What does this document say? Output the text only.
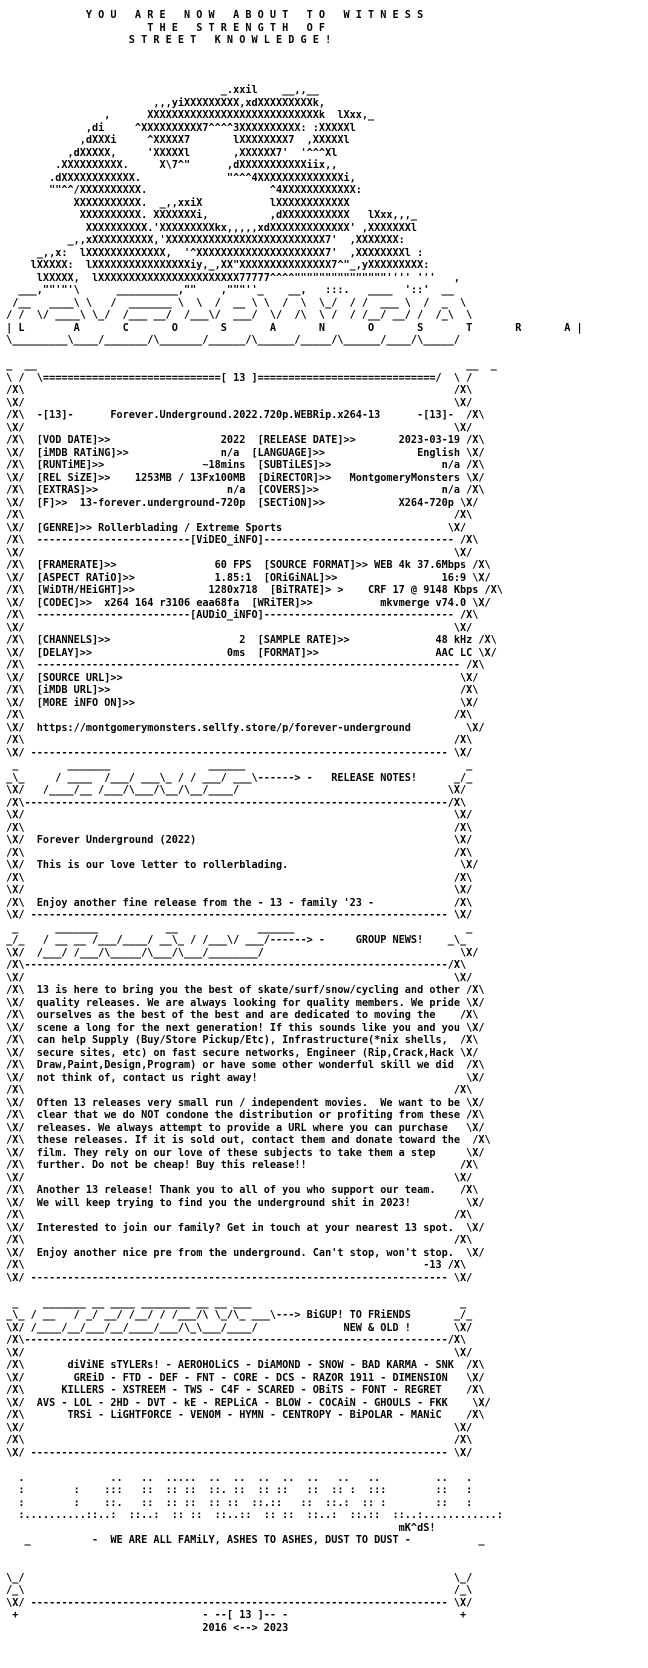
Y O U   A R E   N O W   A B O U T   T O   W I T N E S S
T H E   S T R E N G T H   O F
S T R E E T   K N O W L E D G E !

_.xxil    __,,__
,,,yiXXXXXXXXX,xdXXXXXXXXXk,
,      XXXXXXXXXXXXXXXXXXXXXXXXXXXXk  lXxx,_
,di     ^XXXXXXXXXX7^^^^3XXXXXXXXXX: :XXXXXl
,dXXXi     ^XXXXX7       lXXXXXXXX7  ,XXXXXl
,dXXXXX,     'XXXXXl       ,XXXXXX7'  '^^^Xl
.XXXXXXXXXX.     X\7^"      ,dXXXXXXXXXXXiix,,
.dXXXXXXXXXXXX.              "^^^4XXXXXXXXXXXXXXi,
""^^/XXXXXXXXXX.                    ^4XXXXXXXXXXXX:
XXXXXXXXXXX.  _,,xxiX           lXXXXXXXXXXXX
XXXXXXXXXX. XXXXXXXi,          ,dXXXXXXXXXXX   lXxx,,,_
XXXXXXXXXX.'XXXXXXXXXkx,,,,,xdXXXXXXXXXXXXX' ,XXXXXXXl
_,,xXXXXXXXXXX,'XXXXXXXXXXXXXXXXXXXXXXXXXX7'  ,XXXXXXX:
_,,x:  lXXXXXXXXXXXXX,  '^XXXXXXXXXXXXXXXXXXXXX7'  ,XXXXXXXXl :
lXXXXX:  lXXXXXXXXXXXXXXXXiy,_,XX"XXXXXXXXXXXXXXX7^"_,yXXXXXXXXX:
lXXXXX,  lXXXXXXXXXXXXXXXXXXXXXXX77777^^^^"""""""""""""""'''' '''   ,
___,""'"'\      __________,""    ,"""''_    __,   :::.   ____  '::'  __
/__   ____\ \   /  _______ \  \  /  __ \ \  /  \  \_/  / /  ___ \  /  _  \
/ /  \/ ____\ \_/  /___ __/  /___\/  ___/  \/  /\  \ /  / /__/ __/ /  /_\  \
| L        A       C       O       S       A       N       O       S       T       R       A |
\_________\____/_______/\_______/______/\______/_____/\______/____/\_____/

_  __                                                                      __  _
\ /  \=============================[ 13 ]=============================/  \ /
/X\                                                                      /X\
\X/                                                                      \X/
/X\  -[13]-      Forever.Underground.2022.720p.WEBRip.x264-13      -[13]-  /X\
\X/                                                                      \X/
/X\  [VOD DATE]>>                  2022  [RELEASE DATE]>>       2023-03-19 /X\
\X/  [iMDB RATiNG]>>               n/a  [LANGUAGE]>>               English \X/
/X\  [RUNTiME]>>                ~18mins  [SUBTiLES]>>                  n/a /X\
\X/  [REL SiZE]>>    1253MB / 13Fx100MB  [DiRECTOR]>>   MontgomeryMonsters \X/
/X\  [EXTRAS]>>                     n/a  [COVERS]>>                    n/a /X\
\X/  [F]>>  13-forever.underground-720p  [SECTiON]>>            X264-720p \X/
/X\                                                                      /X\
\X/  [GENRE]>> Rollerblading / Extreme Sports                           \X/
/X\  -------------------------[ViDEO_iNFO]------------------------------- /X\
\X/                                                                      \X/
/X\  [FRAMERATE]>>                60 FPS  [SOURCE FORMAT]>> WEB 4k 37.6Mbps /X\
\X/  [ASPECT RATiO]>>             1.85:1  [ORiGiNAL]>>                 16:9 \X/
/X\  [WiDTH/HEiGHT]>>            1280x718  [BiTRATE]> >    CRF 17 @ 9148 Kbps /X\
\X/  [CODEC]>>  x264 164 r3106 eaa68fa  [WRiTER]>>           mkvmerge v74.0 \X/
/X\  -------------------------[AUDiO_iNFO]------------------------------- /X\
\X/                                                                      \X/
/X\  [CHANNELS]>>                     2  [SAMPLE RATE]>>              48 kHz /X\
\X/  [DELAY]>>                      0ms  [FORMAT]>>                   AAC LC \X/
/X\  --------------------------------------------------------------------- /X\
\X/  [SOURCE URL]>>                                                       \X/
/X\  [iMDB URL]>>                                                         /X\
\X/  [MORE iNFO ON]>>                                                     \X/
/X\                                                                      /X\
\X/  https://montgomerymonsters.sellfy.store/p/forever-underground         \X/
/X\                                                                      /X\
\X/ -------------------------------------------------------------------- \X/
_        _______                ______                                    _
_\_     / ____  /___/ ___\_ / / ___/ ___\------> -   RELEASE NOTES!      _/_
\X/   /____/__ /___/\___/\__/\__/____/                                  \X/
/X\---------------------------------------------------------------------/X\
\X/                                                                      \X/
/X\                                                                      /X\
\X/  Forever Underground (2022)                                          \X/
/X\                                                                      /X\
\X/  This is our love letter to rollerblading.                            \X/
/X\                                                                      /X\
\X/                                                                      \X/
/X\  Enjoy another fine release from the - 13 - family '23 -             /X\
\X/ -------------------------------------------------------------------- \X/
_      _______           __             ______                            _
_/_   / __ __ /___/____/ __\_ / /___\/ ___/------> -     GROUP NEWS!    _\_
\X/  /___/ /___/\_____/\___/\___/________/                                \X/
/X\---------------------------------------------------------------------/X\
\X/                                                                      \X/
/X\  13 is here to bring you the best of skate/surf/snow/cycling and other /X\
\X/  quality releases. We are always looking for quality members. We pride \X/
/X\  ourselves as the best of the best and are dedicated to moving the    /X\
\X/  scene a long for the next generation! If this sounds like you and you \X/
/X\  can help Supply (Buy/Store Pickup/Etc), Infrastructure(*nix shells,  /X\
\X/  secure sites, etc) on fast secure networks, Engineer (Rip,Crack,Hack \X/
/X\  Draw,Paint,Design,Program) or have some other wonderful skill we did  /X\
\X/  not think of, contact us right away!                                  \X/
/X\                                                                      /X\
\X/  Often 13 releases very small run / independent movies.  We want to be \X/
/X\  clear that we do NOT condone the distribution or profiting from these /X\
\X/  releases. We always attempt to provide a URL where you can purchase   \X/
/X\  these releases. If it is sold out, contact them and donate toward the  /X\
\X/  film. They rely on our love of these subjects to take them a step     \X/
/X\  further. Do not be cheap! Buy this release!!                         /X\
\X/                                                                      \X/
/X\  Another 13 release! Thank you to all of you who support our team.    /X\
\X/  We will keep trying to find you the underground shit in 2023!         \X/
/X\                                                                      /X\
\X/  Interested to join our family? Get in touch at your nearest 13 spot.  \X/
/X\                                                                      /X\
\X/  Enjoy another nice pre from the underground. Can't stop, won't stop.  \X/
/X\                                                                 -13 /X\
\X/ -------------------------------------------------------------------- \X/

_    _______ __ ____ ________ __ __ ___                                  _
_\_ / __   / _/ __/ /__/ / /___/\ \_/\_ ___\---> BiGUP! TO FRiENDS       _/_
\X/ /____/__/___/__/____/___/\_\___/____/              NEW & OLD !       \X/
/X\---------------------------------------------------------------------/X\
\X/                                                                      \X/
/X\       diViNE sTYLERs! - AEROHOLiCS - DiAMOND - SNOW - BAD KARMA - SNK  /X\
\X/        GREiD - FTD - DEF - FNT - CORE - DCS - RAZOR 1911 - DIMENSION   \X/
/X\      KILLERS - XSTREEM - TWS - C4F - SCARED - OBiTS - FONT - REGRET    /X\
\X/  AVS - LOL - 2HD - DVT - kE - REPLiCA - BLOW - COCAiN - GHOULS - FKK    \X/
/X\       TRSi - LiGHTFORCE - VENOM - HYMN - CENTROPY - BiPOLAR - MANiC    /X\
\X/                                                                      \X/
/X\                                                                      /X\
\X/ -------------------------------------------------------------------- \X/

.              ..   ..  .....  ..  ..  ..  ..  ..   ..   ..         ..   .
:        :    :::   ::  :: ::  ::. ::  :: ::   ::  :: :  :::        ::   :
:        :    ::.   ::  :: ::  :: ::  ::.::   ::  ::.:  :: :        ::   :
:..........::..:  ::..:  :: ::  ::..::  :: ::  ::..:  ::.::  ::..:............:
mK^dS!
_          -  WE ARE ALL FAMiLY, ASHES TO ASHES, DUST TO DUST -           _

\_/                                                                      \_/
/_\                                                                      /_\
\X/ -------------------------------------------------------------------- \X/
+                              - --[ 13 ]-- -                            +
2016 <--> 2023
